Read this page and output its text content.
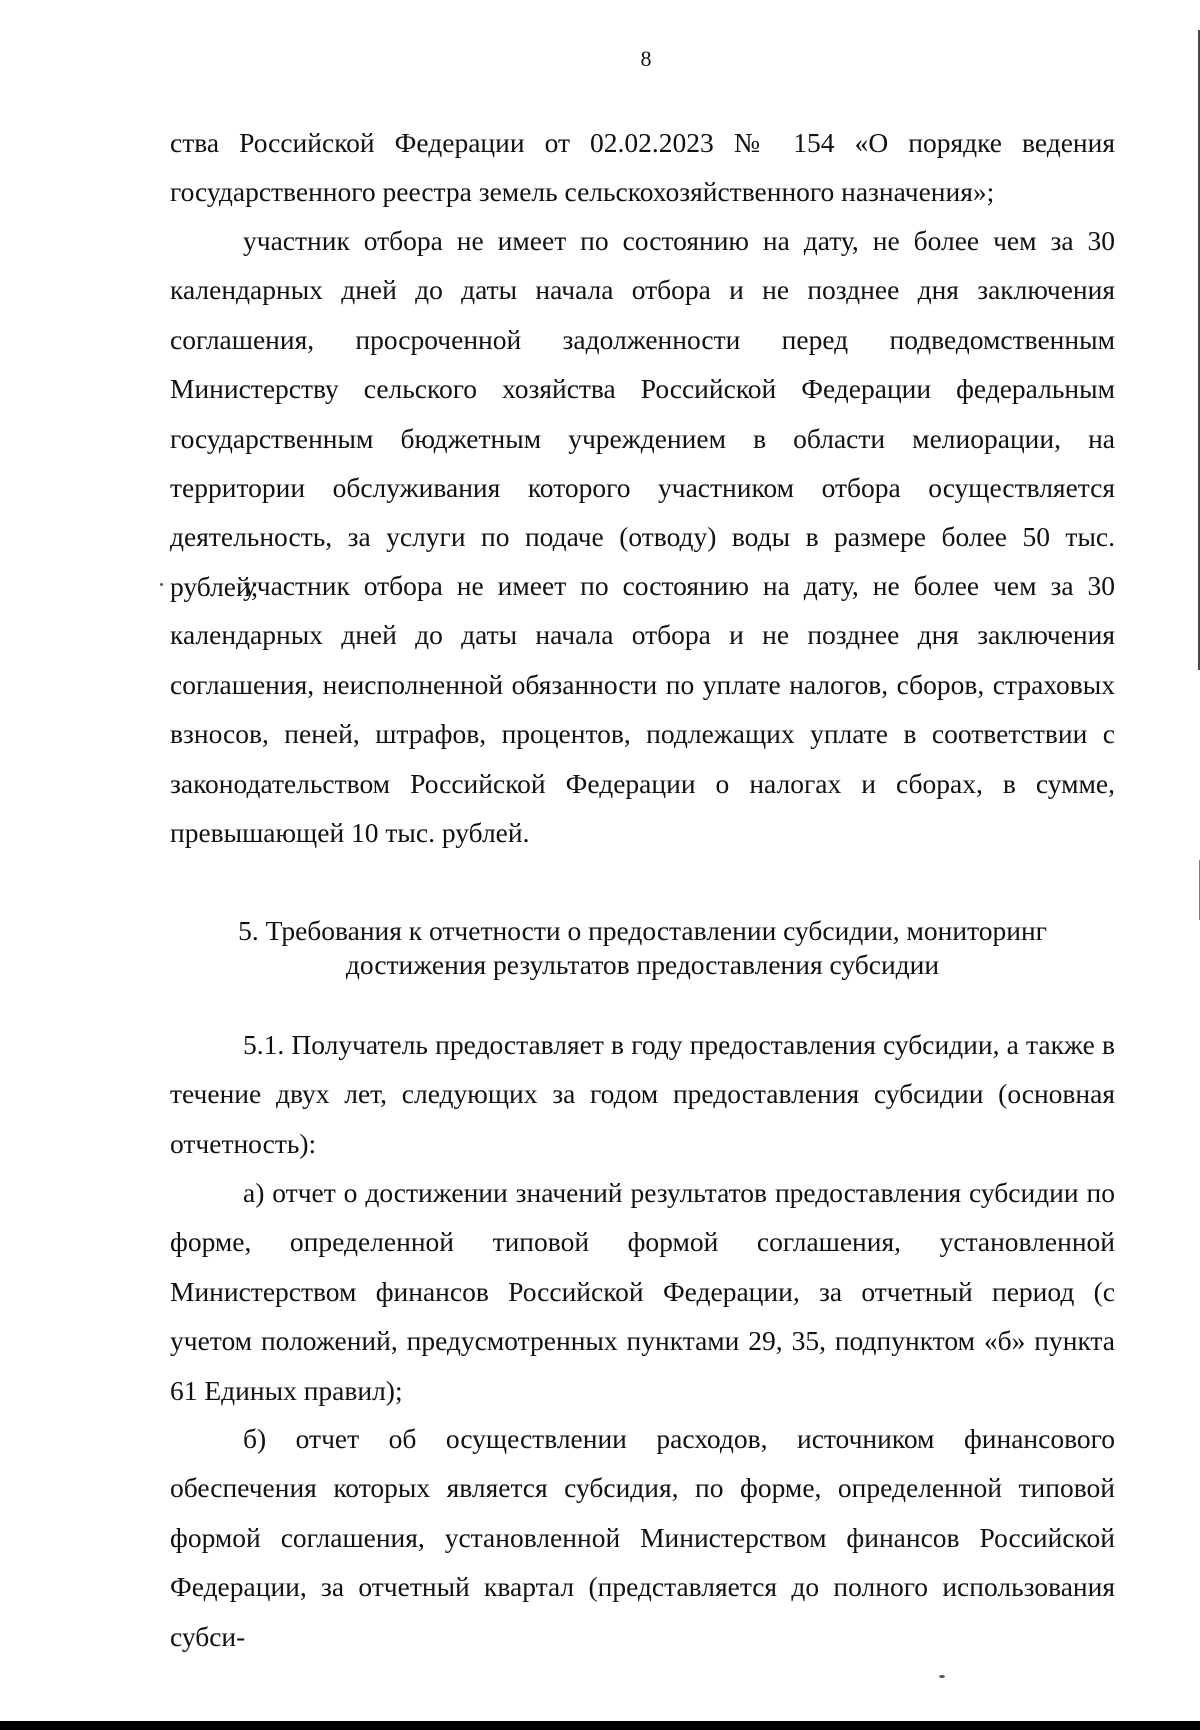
8

ства Российской Федерации от 02.02.2023 № 154 «О порядке ведения государственного реестра земель сельскохозяйственного назначения»;

участник отбора не имеет по состоянию на дату, не более чем за 30 календарных дней до даты начала отбора и не позднее дня заключения соглашения, просроченной задолженности перед подведомственным Министерству сельского хозяйства Российской Федерации федеральным государственным бюджетным учреждением в области мелиорации, на территории обслуживания которого участником отбора осуществляется деятельность, за услуги по подаче (отводу) воды в размере более 50 тыс. рублей;

участник отбора не имеет по состоянию на дату, не более чем за 30 календарных дней до даты начала отбора и не позднее дня заключения соглашения, неисполненной обязанности по уплате налогов, сборов, страховых взносов, пеней, штрафов, процентов, подлежащих уплате в соответствии с законодательством Российской Федерации о налогах и сборах, в сумме, превышающей 10 тыс. рублей.

5. Требования к отчетности о предоставлении субсидии, мониторинг
достижения результатов предоставления субсидии

5.1. Получатель предоставляет в году предоставления субсидии, а также в течение двух лет, следующих за годом предоставления субсидии (основная отчетность):

а) отчет о достижении значений результатов предоставления субсидии по форме, определенной типовой формой соглашения, установленной Министерством финансов Российской Федерации, за отчетный период (с учетом положений, предусмотренных пунктами 29, 35, подпунктом «б» пункта 61 Единых правил);

б) отчет об осуществлении расходов, источником финансового обеспечения которых является субсидия, по форме, определенной типовой формой соглашения, установленной Министерством финансов Российской Федерации, за отчетный квартал (представляется до полного использования субси-
